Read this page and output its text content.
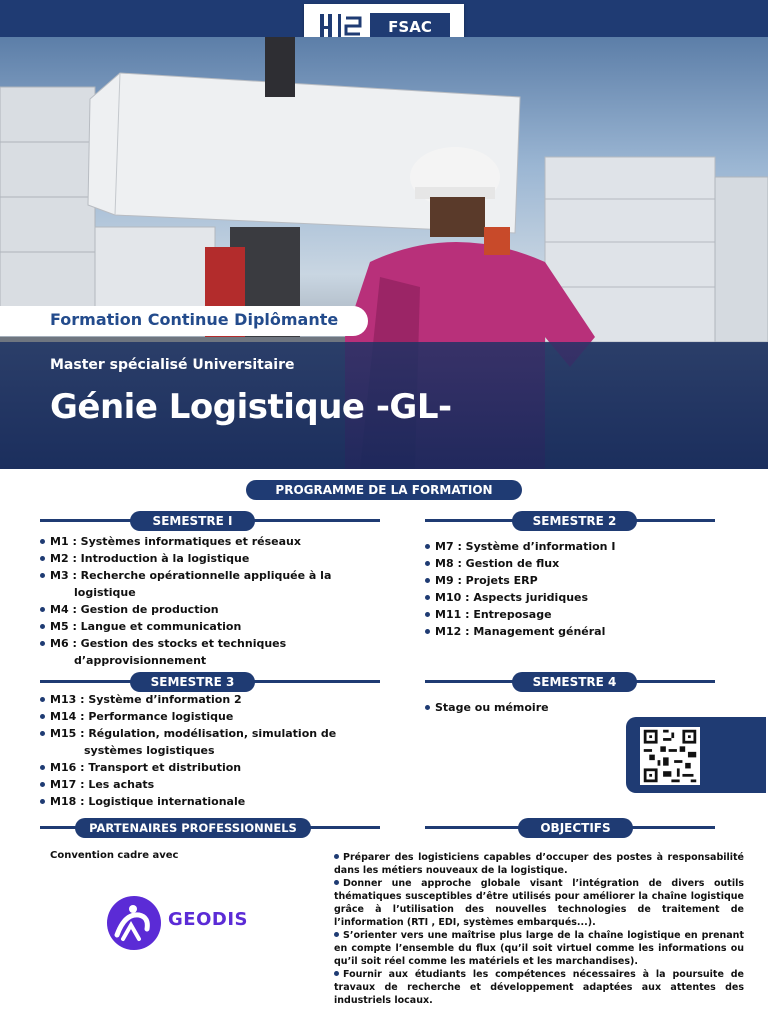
FSAC
Formation Continue Diplômante
Master spécialisé Universitaire
Génie Logistique -GL-
PROGRAMME DE LA FORMATION
SEMESTRE I
M1 : Systèmes informatiques et réseaux
M2 : Introduction à la logistique
M3 : Recherche opérationnelle appliquée à la
logistique
M4 : Gestion de production
M5 : Langue et communication
M6 : Gestion des stocks et techniques
d’approvisionnement
SEMESTRE 2
M7 : Système d’information I
M8 : Gestion de flux
M9 : Projets ERP
M10 : Aspects juridiques
M11 : Entreposage
M12 : Management général
SEMESTRE 3
M13 : Système d’information 2
M14 : Performance logistique
M15 : Régulation, modélisation, simulation de
systèmes logistiques
M16 : Transport et distribution
M17 : Les achats
M18 : Logistique internationale
SEMESTRE 4
Stage ou mémoire
PARTENAIRES PROFESSIONNELS
Convention cadre avec
GEODIS
OBJECTIFS
Préparer des logisticiens capables d’occuper des postes à responsabilité dans les métiers nouveaux de la logistique.
Donner une approche globale visant l’intégration de divers outils thématiques susceptibles d’être utilisés pour améliorer la chaîne logistique grâce à l’utilisation des nouvelles technologies de traitement de l’information (RTI , EDI, systèmes embarqués...).
S’orienter vers une maîtrise plus large de la chaîne logistique en prenant en compte l’ensemble du flux (qu’il soit virtuel comme les informations ou qu’il soit réel comme les matériels et les marchandises).
Fournir aux étudiants les compétences nécessaires à la poursuite de travaux de recherche et développement adaptées aux attentes des industriels locaux.
